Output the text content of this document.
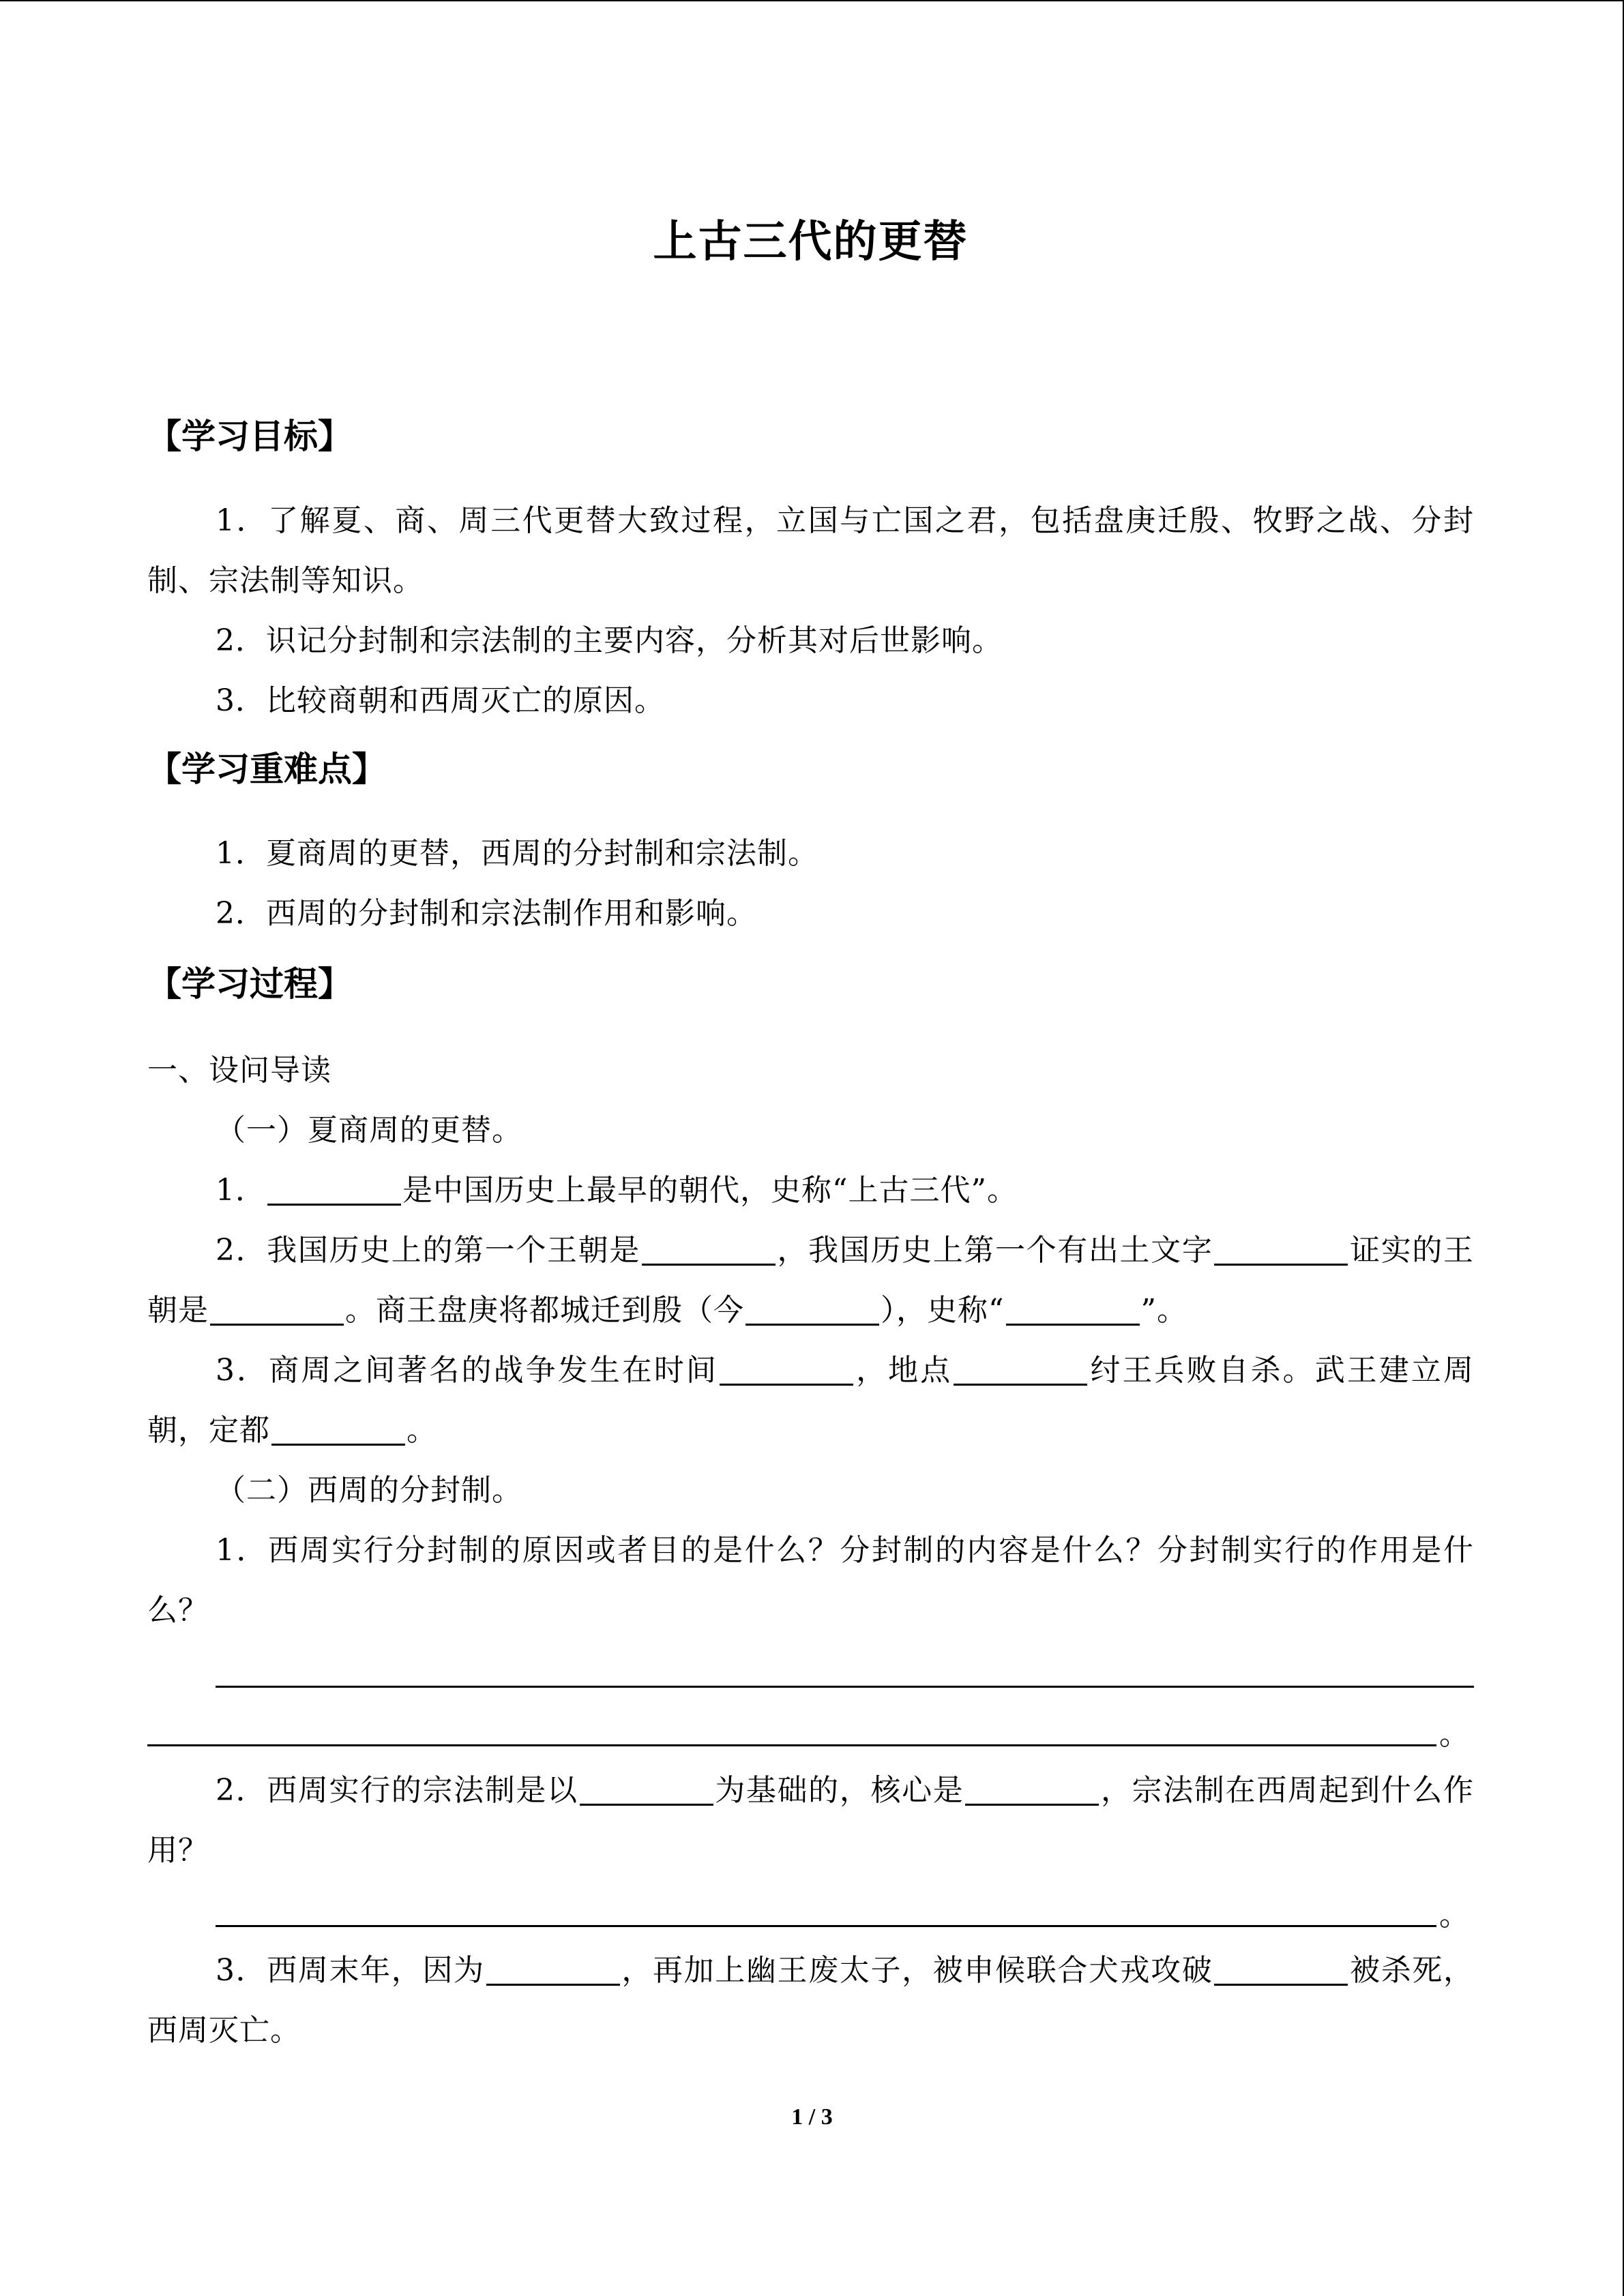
上古三代的更替
【学习目标】
1．了解夏、商、周三代更替大致过程，立国与亡国之君，包括盘庚迁殷、牧野之战、分封制、宗法制等知识。
2．识记分封制和宗法制的主要内容，分析其对后世影响。
3．比较商朝和西周灭亡的原因。
【学习重难点】
1．夏商周的更替，西周的分封制和宗法制。
2．西周的分封制和宗法制作用和影响。
【学习过程】
一、设问导读
（一）夏商周的更替。
1．	是中国历史上最早的朝代，史称“上古三代”。
2．我国历史上的第一个王朝是	，我国历史上第一个有出土文字	证实的王朝是	。商王盘庚将都城迁到殷（今	），史称“	”。
3．商周之间著名的战争发生在时间	，地点	纣王兵败自杀。武王建立周朝，定都	。
（二）西周的分封制。
1．西周实行分封制的原因或者目的是什么？分封制的内容是什么？分封制实行的作用是什么？
。
2．西周实行的宗法制是以	为基础的，核心是	，宗法制在西周起到什么作用？
。
3．西周末年，因为	，再加上幽王废太子，被申候联合犬戎攻破	被杀死，西周灭亡。
1 / 3
